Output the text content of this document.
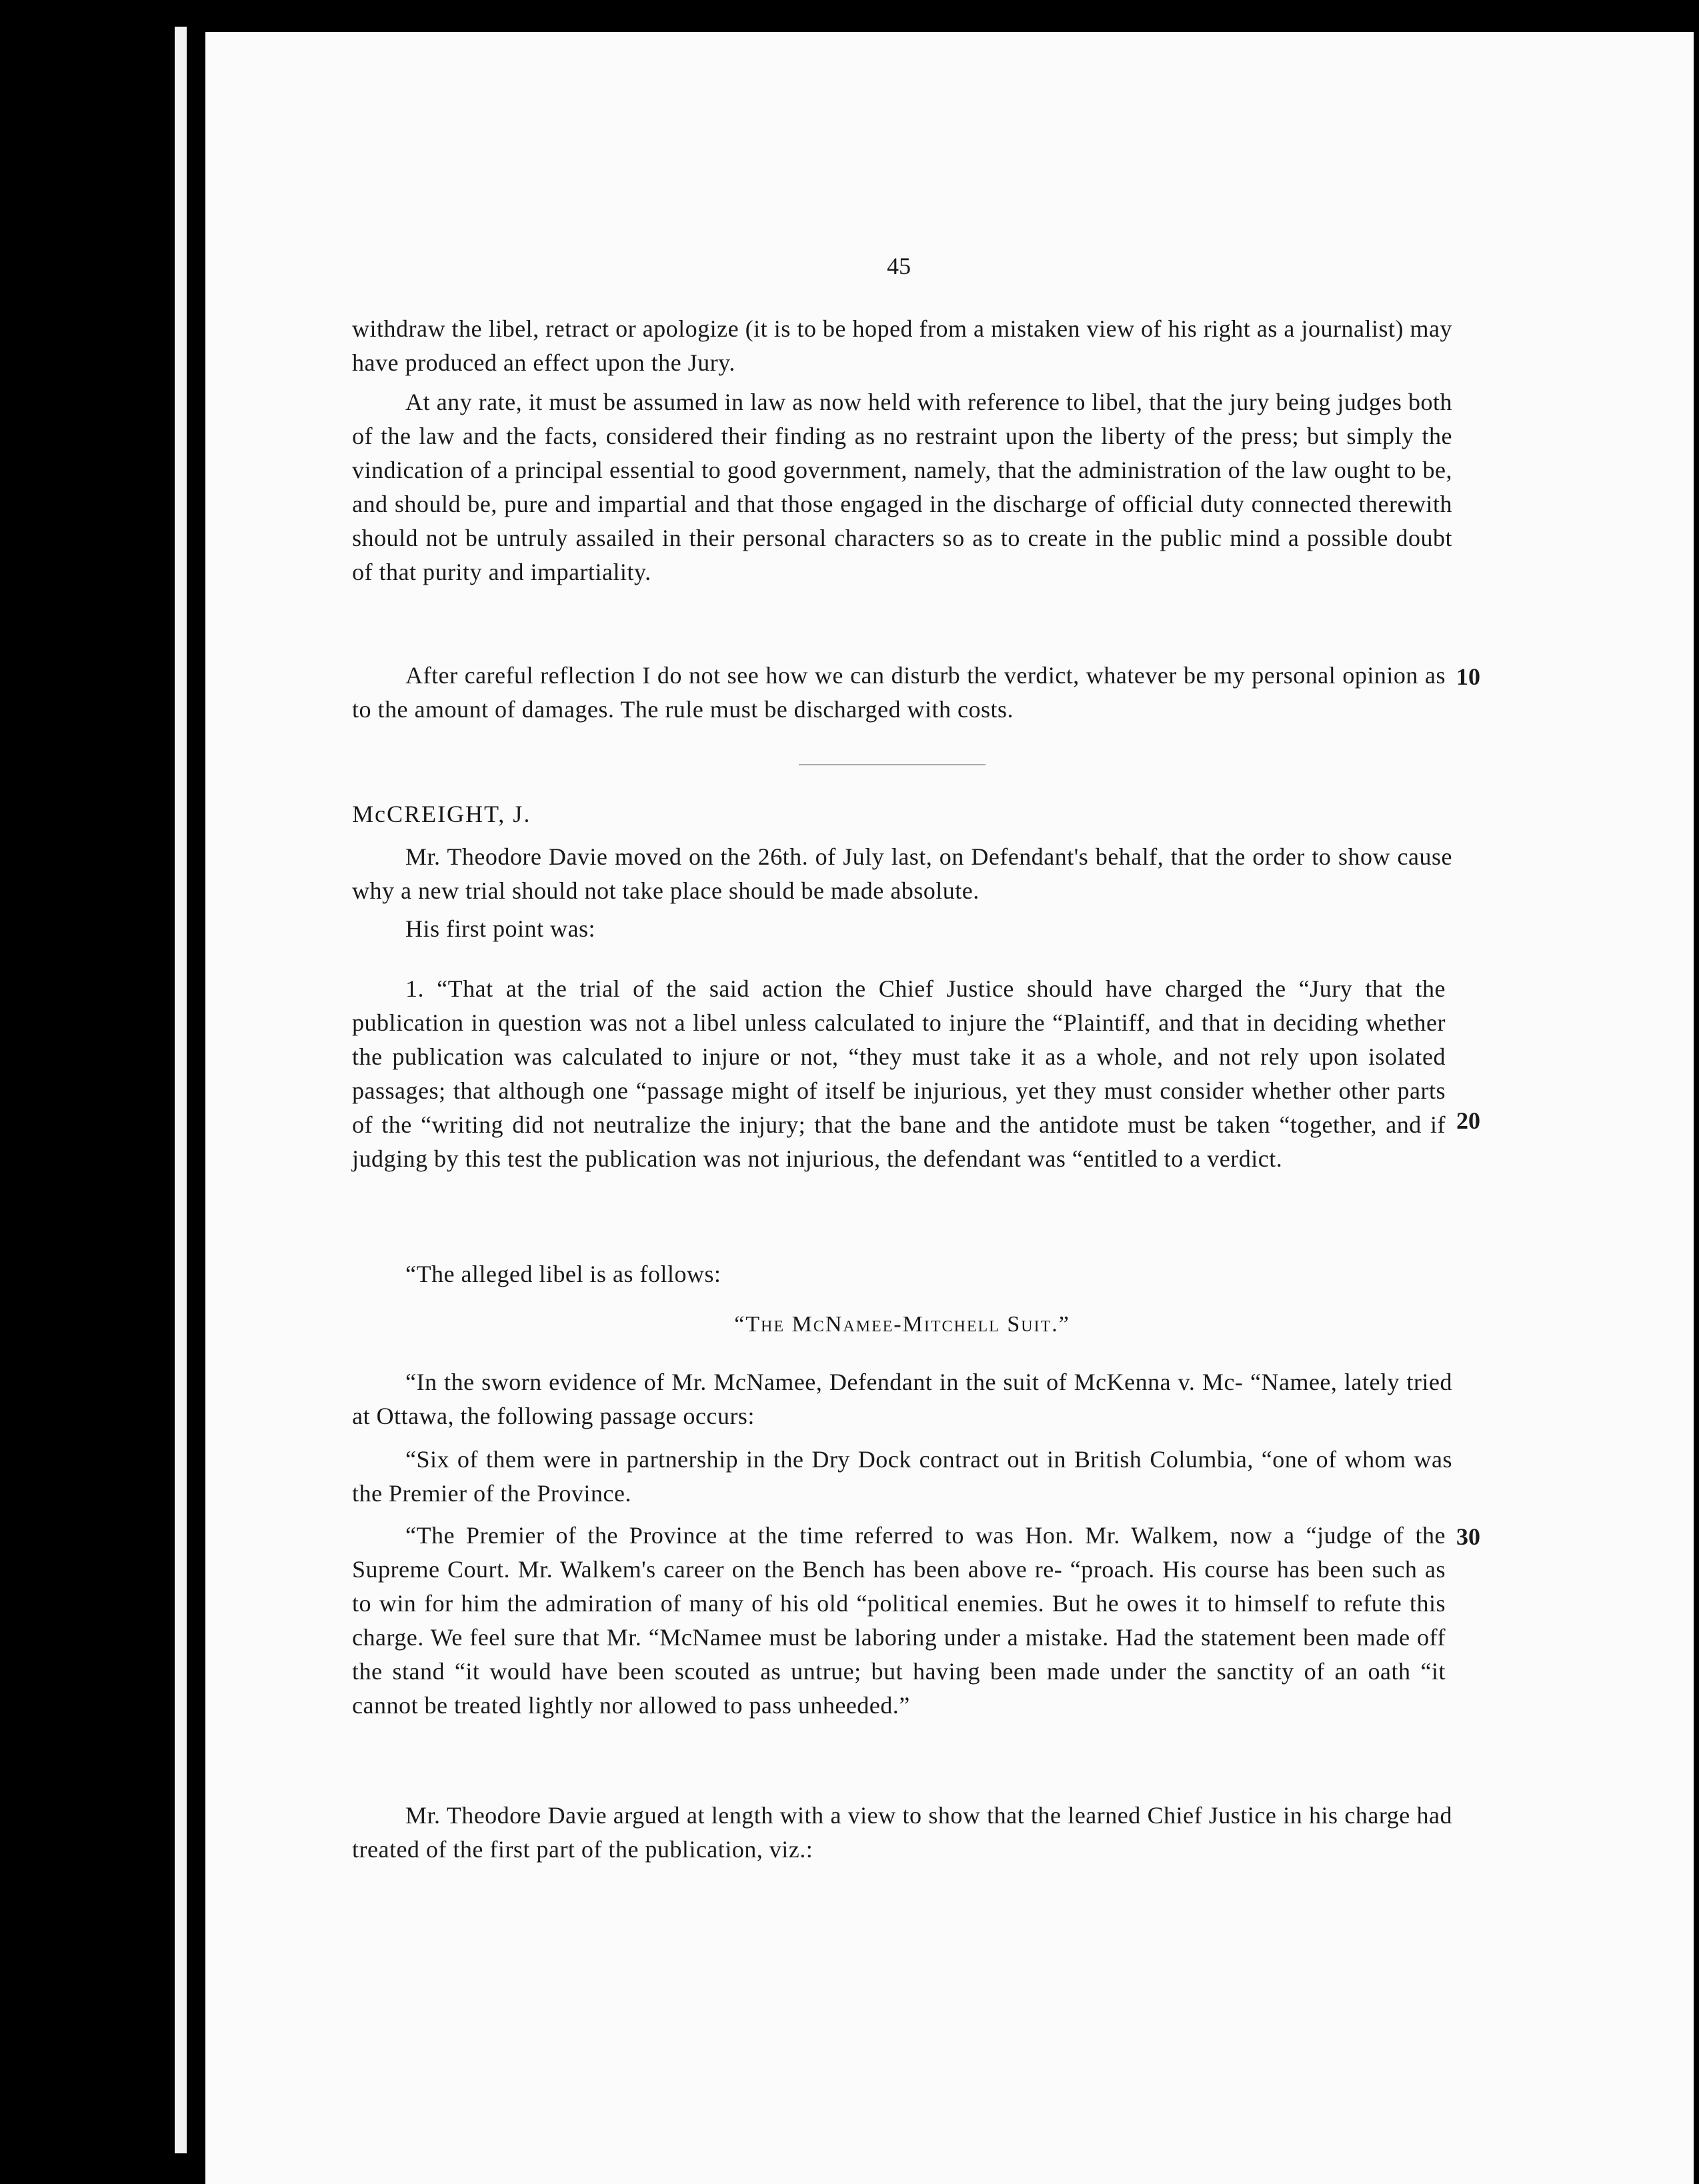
45

withdraw the libel, retract or apologize (it is to be hoped from a mistaken view of his right as a journalist) may have produced an effect upon the Jury.

At any rate, it must be assumed in law as now held with reference to libel, that the jury being judges both of the law and the facts, considered their finding as no restraint upon the liberty of the press; but simply the vindication of a principal essential to good government, namely, that the administration of the law ought to be, and should be, pure and impartial and that those engaged in the discharge of official duty connected therewith should not be untruly assailed in their personal characters so as to create in the public mind a possible doubt of that purity and impartiality.

After careful reflection I do not see how we can disturb the verdict, whatever be my personal opinion as to the amount of damages. The rule must be discharged with costs.

10
McCREIGHT, J.

Mr. Theodore Davie moved on the 26th. of July last, on Defendant's behalf, that the order to show cause why a new trial should not take place should be made absolute.

His first point was:

1. “That at the trial of the said action the Chief Justice should have charged the “Jury that the publication in question was not a libel unless calculated to injure the “Plaintiff, and that in deciding whether the publication was calculated to injure or not, “they must take it as a whole, and not rely upon isolated passages; that although one “passage might of itself be injurious, yet they must consider whether other parts of the “writing did not neutralize the injury; that the bane and the antidote must be taken “together, and if judging by this test the publication was not injurious, the defendant was “entitled to a verdict.

20

“The alleged libel is as follows:

“The McNamee-Mitchell Suit.”

“In the sworn evidence of Mr. McNamee, Defendant in the suit of McKenna v. Mc- “Namee, lately tried at Ottawa, the following passage occurs:

“Six of them were in partnership in the Dry Dock contract out in British Columbia, “one of whom was the Premier of the Province.

“The Premier of the Province at the time referred to was Hon. Mr. Walkem, now a “judge of the Supreme Court. Mr. Walkem's career on the Bench has been above re- “proach. His course has been such as to win for him the admiration of many of his old “political enemies. But he owes it to himself to refute this charge. We feel sure that Mr. “McNamee must be laboring under a mistake. Had the statement been made off the stand “it would have been scouted as untrue; but having been made under the sanctity of an oath “it cannot be treated lightly nor allowed to pass unheeded.”

30

Mr. Theodore Davie argued at length with a view to show that the learned Chief Justice in his charge had treated of the first part of the publication, viz.:
